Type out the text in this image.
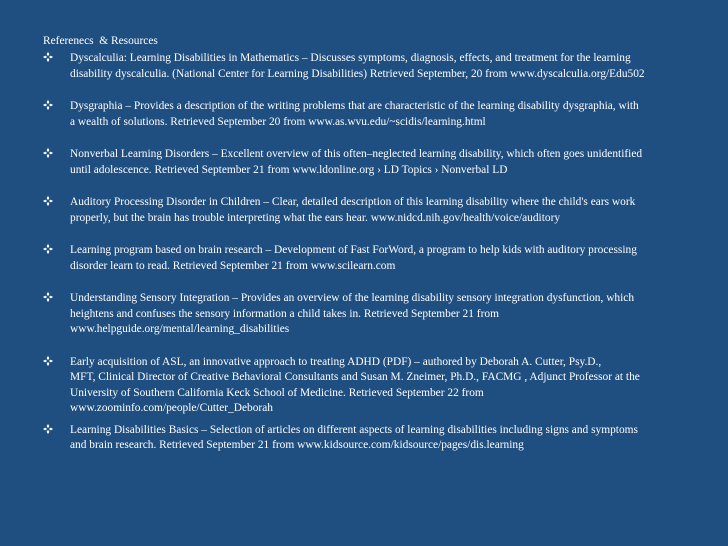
Referenecs  & Resources
Dyscalculia: Learning Disabilities in Mathematics – Discusses symptoms, diagnosis, effects, and treatment for the learning
disability dyscalculia. (National Center for Learning Disabilities) Retrieved September, 20 from www.dyscalculia.org/Edu502
Dysgraphia – Provides a description of the writing problems that are characteristic of the learning disability dysgraphia, with
a wealth of solutions. Retrieved September 20 from www.as.wvu.edu/~scidis/learning.html
Nonverbal Learning Disorders – Excellent overview of this often–neglected learning disability, which often goes unidentified
until adolescence. Retrieved September 21 from www.ldonline.org › LD Topics › Nonverbal LD
Auditory Processing Disorder in Children – Clear, detailed description of this learning disability where the child's ears work
properly, but the brain has trouble interpreting what the ears hear. www.nidcd.nih.gov/health/voice/auditory
Learning program based on brain research – Development of Fast ForWord, a program to help kids with auditory processing
disorder learn to read. Retrieved September 21 from www.scilearn.com
Understanding Sensory Integration – Provides an overview of the learning disability sensory integration dysfunction, which
heightens and confuses the sensory information a child takes in. Retrieved September 21 from
www.helpguide.org/mental/learning_disabilities
Early acquisition of ASL, an innovative approach to treating ADHD (PDF) – authored by Deborah A. Cutter, Psy.D.,
MFT, Clinical Director of Creative Behavioral Consultants and Susan M. Zneimer, Ph.D., FACMG , Adjunct Professor at the
University of Southern California Keck School of Medicine. Retrieved September 22 from
www.zoominfo.com/people/Cutter_Deborah
Learning Disabilities Basics – Selection of articles on different aspects of learning disabilities including signs and symptoms
and brain research. Retrieved September 21 from www.kidsource.com/kidsource/pages/dis.learning
